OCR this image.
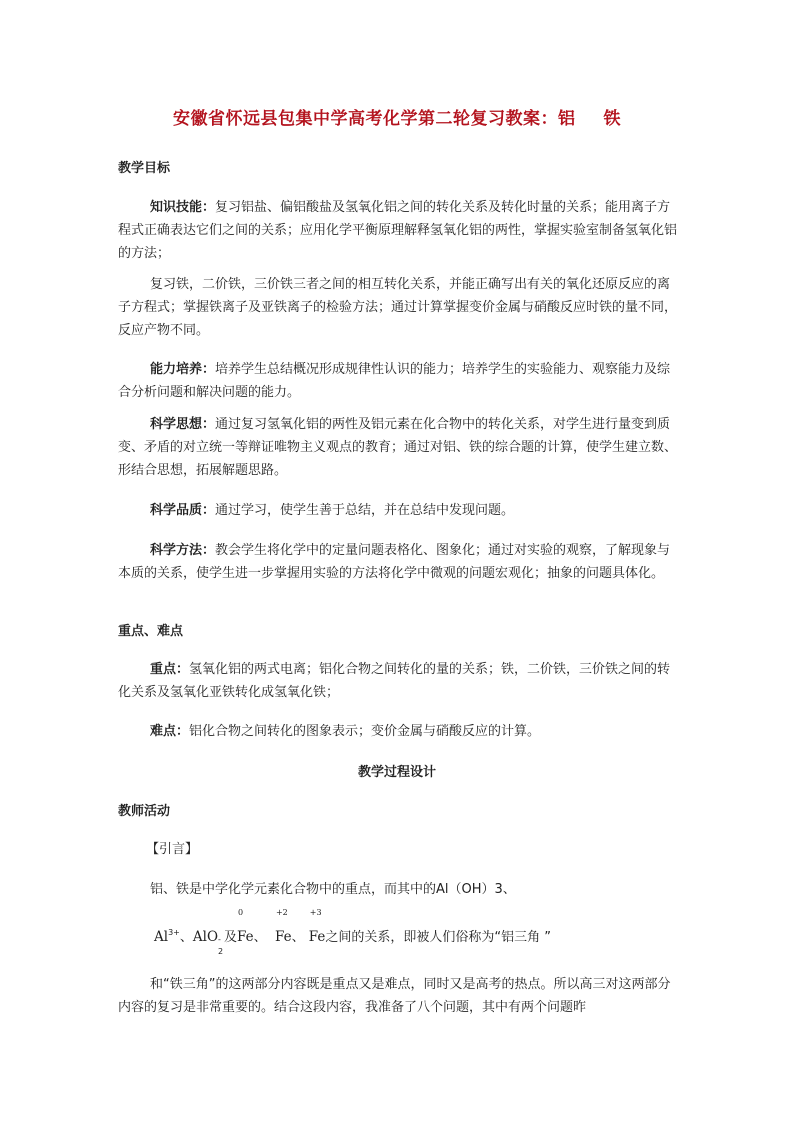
安徽省怀远县包集中学高考化学第二轮复习教案：铝 铁

教学目标

知识技能：复习铝盐、偏铝酸盐及氢氧化铝之间的转化关系及转化时量的关系；能用离子方程式正确表达它们之间的关系；应用化学平衡原理解释氢氧化铝的两性，掌握实验室制备氢氧化铝的方法；

复习铁，二价铁，三价铁三者之间的相互转化关系，并能正确写出有关的氧化还原反应的离子方程式；掌握铁离子及亚铁离子的检验方法；通过计算掌握变价金属与硝酸反应时铁的量不同，反应产物不同。

能力培养：培养学生总结概况形成规律性认识的能力；培养学生的实验能力、观察能力及综合分析问题和解决问题的能力。

科学思想：通过复习氢氧化铝的两性及铝元素在化合物中的转化关系，对学生进行量变到质变、矛盾的对立统一等辩证唯物主义观点的教育；通过对铝、铁的综合题的计算，使学生建立数、形结合思想，拓展解题思路。

科学品质：通过学习，使学生善于总结，并在总结中发现问题。

科学方法：教会学生将化学中的定量问题表格化、图象化；通过对实验的观察，了解现象与本质的关系，使学生进一步掌握用实验的方法将化学中微观的问题宏观化；抽象的问题具体化。

重点、难点

重点：氢氧化铝的两式电离；铝化合物之间转化的量的关系；铁，二价铁，三价铁之间的转化关系及氢氧化亚铁转化成氢氧化铁；

难点：铝化合物之间转化的图象表示；变价金属与硝酸反应的计算。

教学过程设计

教师活动

【引言】

铝、铁是中学化学元素化合物中的重点，而其中的Al（OH）3、

$Al^{3+}$、AlO -
2
及
0
Fe、
+2
Fe、
+3
Fe之间的关系，即被人们俗称为“铝三角 ”

和“铁三角”的这两部分内容既是重点又是难点，同时又是高考的热点。所以高三对这两部分内容的复习是非常重要的。结合这段内容，我准备了八个问题，其中有两个问题昨
